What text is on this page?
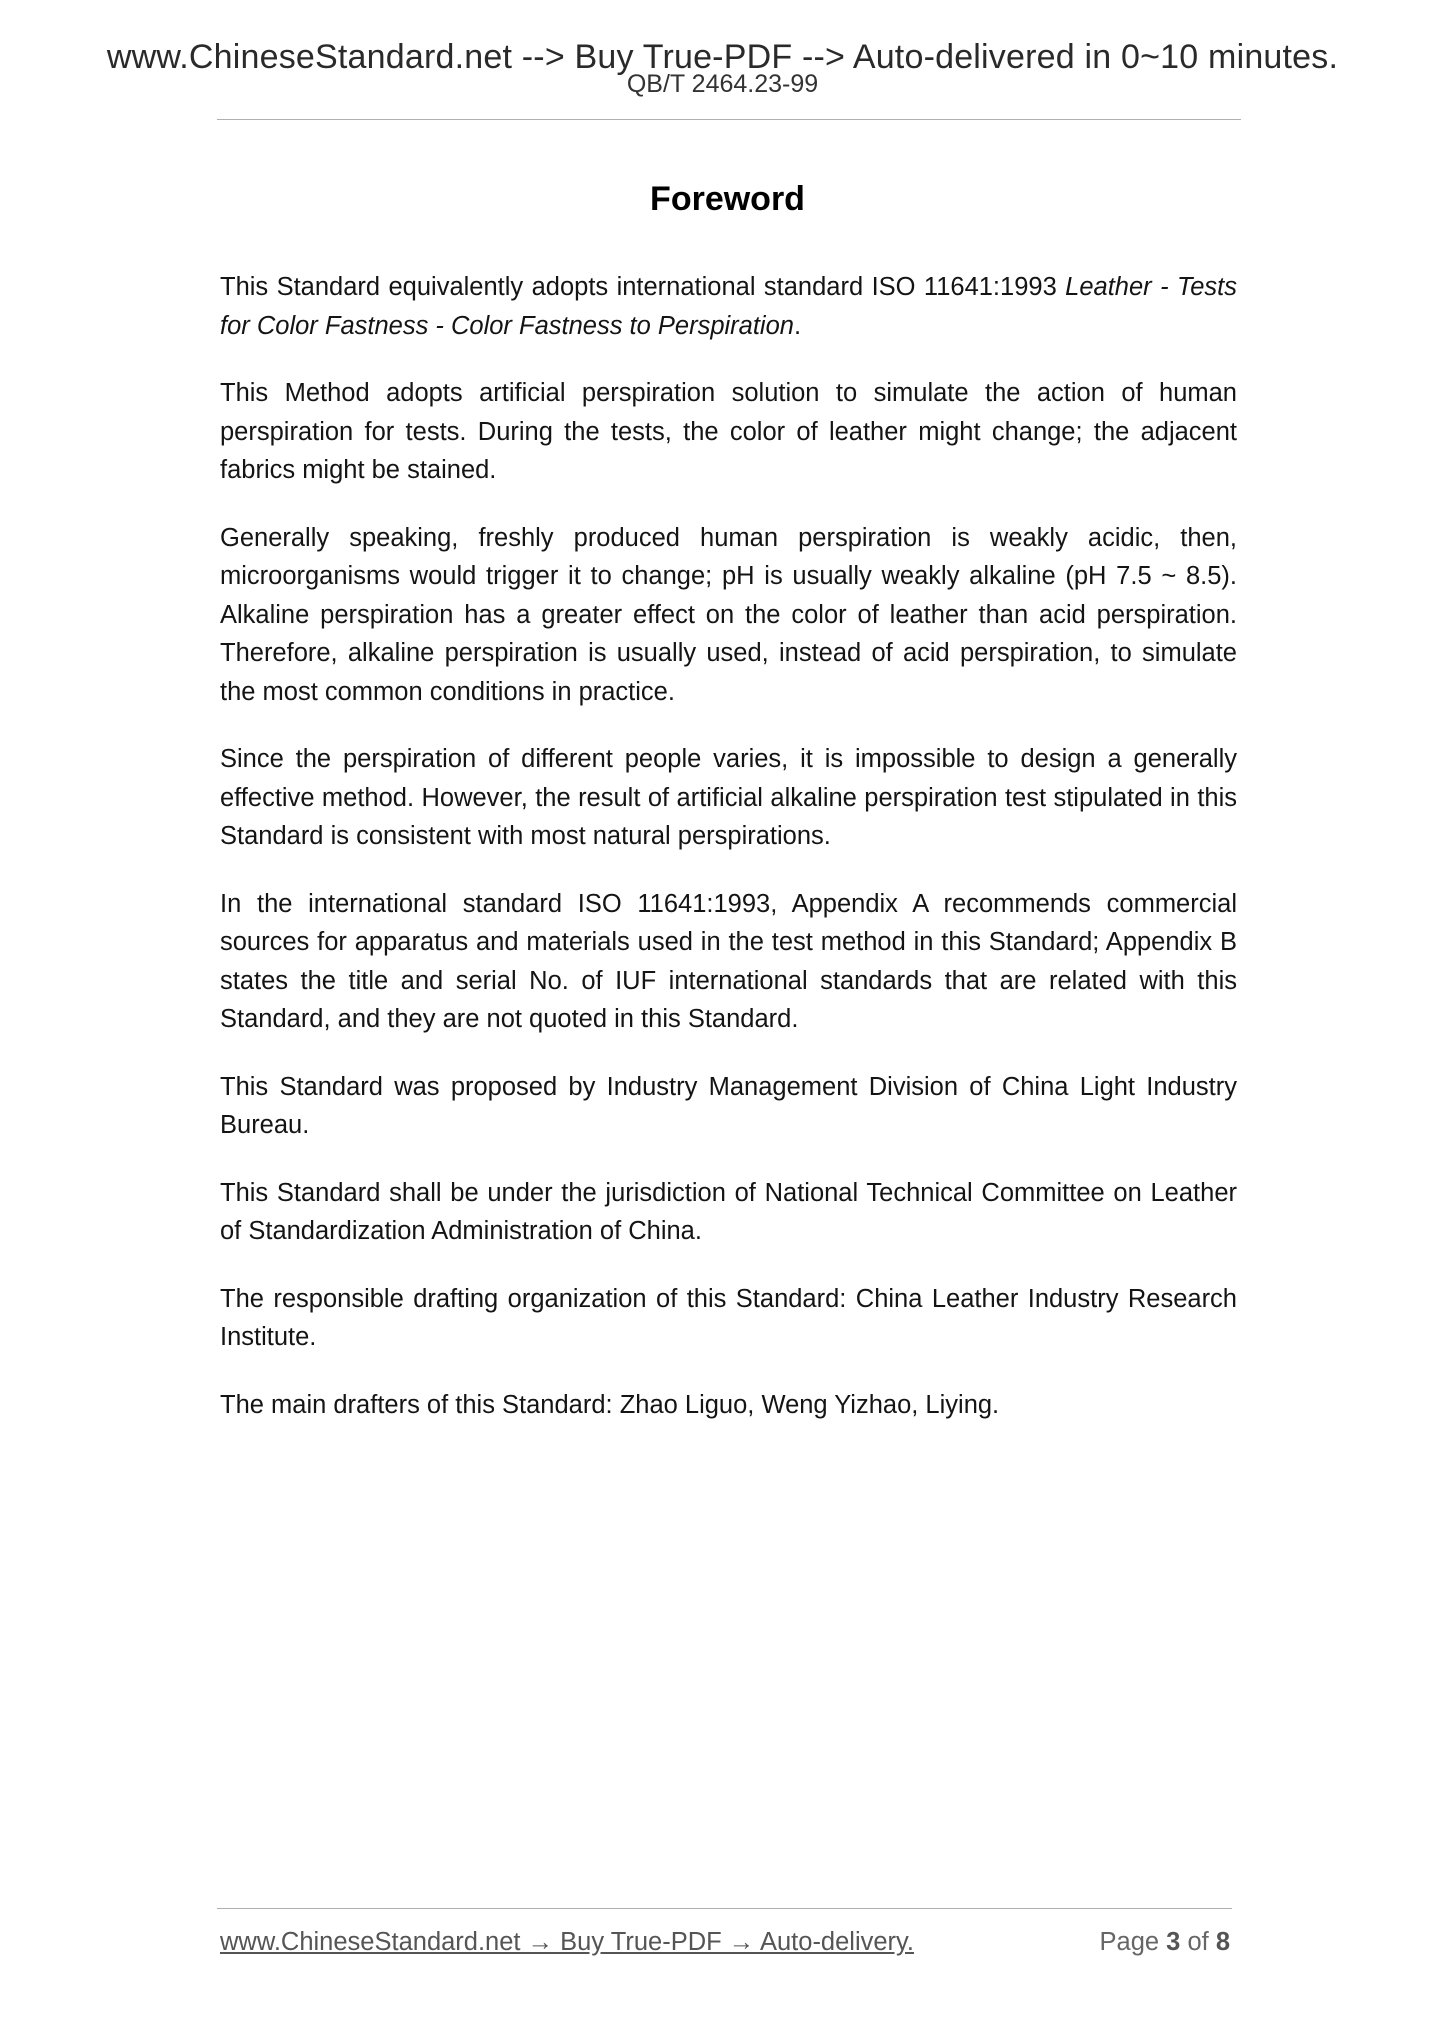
www.ChineseStandard.net --> Buy True-PDF --> Auto-delivered in 0~10 minutes.
QB/T 2464.23-99
Foreword

This Standard equivalently adopts international standard ISO 11641:1993 Leather - Tests for Color Fastness - Color Fastness to Perspiration.

This Method adopts artificial perspiration solution to simulate the action of human perspiration for tests. During the tests, the color of leather might change; the adjacent fabrics might be stained.

Generally speaking, freshly produced human perspiration is weakly acidic, then, microorganisms would trigger it to change; pH is usually weakly alkaline (pH 7.5 ~ 8.5). Alkaline perspiration has a greater effect on the color of leather than acid perspiration. Therefore, alkaline perspiration is usually used, instead of acid perspiration, to simulate the most common conditions in practice.

Since the perspiration of different people varies, it is impossible to design a generally effective method. However, the result of artificial alkaline perspiration test stipulated in this Standard is consistent with most natural perspirations.

In the international standard ISO 11641:1993, Appendix A recommends commercial sources for apparatus and materials used in the test method in this Standard; Appendix B states the title and serial No. of IUF international standards that are related with this Standard, and they are not quoted in this Standard.

This Standard was proposed by Industry Management Division of China Light Industry Bureau.

This Standard shall be under the jurisdiction of National Technical Committee on Leather of Standardization Administration of China.

The responsible drafting organization of this Standard: China Leather Industry Research Institute.

The main drafters of this Standard: Zhao Liguo, Weng Yizhao, Liying.

www.ChineseStandard.net → Buy True-PDF → Auto-delivery.	Page 3 of 8
